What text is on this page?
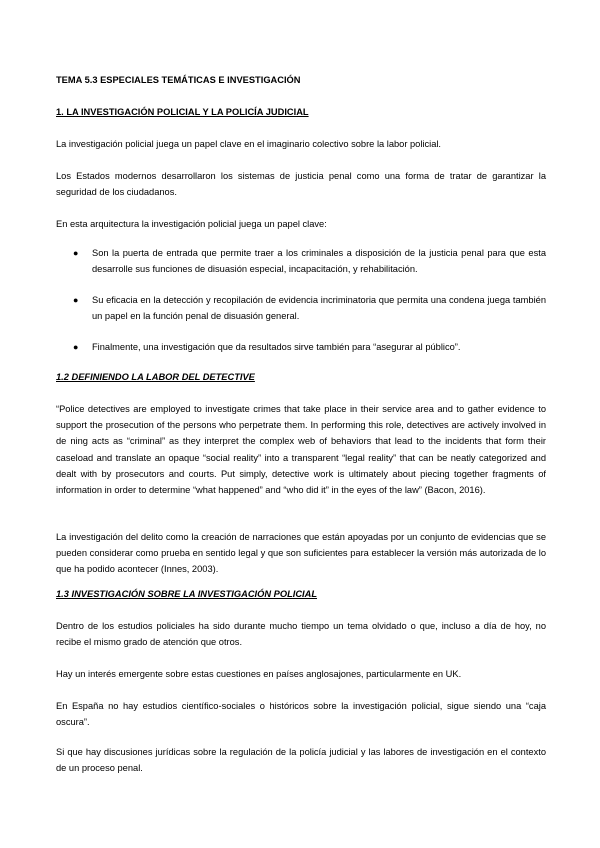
TEMA 5.3 ESPECIALES TEMÁTICAS E INVESTIGACIÓN
1. LA INVESTIGACIÓN POLICIAL Y LA POLICÍA JUDICIAL
La investigación policial juega un papel clave en el imaginario colectivo sobre la labor policial.
Los Estados modernos desarrollaron los sistemas de justicia penal como una forma de tratar de garantizar la seguridad de los ciudadanos.
En esta arquitectura la investigación policial juega un papel clave:
● Son la puerta de entrada que permite traer a los criminales a disposición de la justicia penal para que esta desarrolle sus funciones de disuasión especial, incapacitación, y rehabilitación.
● Su eficacia en la detección y recopilación de evidencia incriminatoria que permita una condena juega también un papel en la función penal de disuasión general.
● Finalmente, una investigación que da resultados sirve también para “asegurar al público”.
1.2 DEFINIENDO LA LABOR DEL DETECTIVE
“Police detectives are employed to investigate crimes that take place in their service area and to gather evidence to support the prosecution of the persons who perpetrate them. In performing this role, detectives are actively involved in de ning acts as “criminal” as they interpret the complex web of behaviors that lead to the incidents that form their caseload and translate an opaque “social reality” into a transparent “legal reality” that can be neatly categorized and dealt with by prosecutors and courts. Put simply, detective work is ultimately about piecing together fragments of information in order to determine “what happened” and “who did it” in the eyes of the law” (Bacon, 2016).
La investigación del delito como la creación de narraciones que están apoyadas por un conjunto de evidencias que se pueden considerar como prueba en sentido legal y que son suficientes para establecer la versión más autorizada de lo que ha podido acontecer (Innes, 2003).
1.3 INVESTIGACIÓN SOBRE LA INVESTIGACIÓN POLICIAL
Dentro de los estudios policiales ha sido durante mucho tiempo un tema olvidado o que, incluso a día de hoy, no recibe el mismo grado de atención que otros.
Hay un interés emergente sobre estas cuestiones en países anglosajones, particularmente en UK.
En España no hay estudios científico-sociales o históricos sobre la investigación policial, sigue siendo una “caja oscura”.
Si que hay discusiones jurídicas sobre la regulación de la policía judicial y las labores de investigación en el contexto de un proceso penal.
